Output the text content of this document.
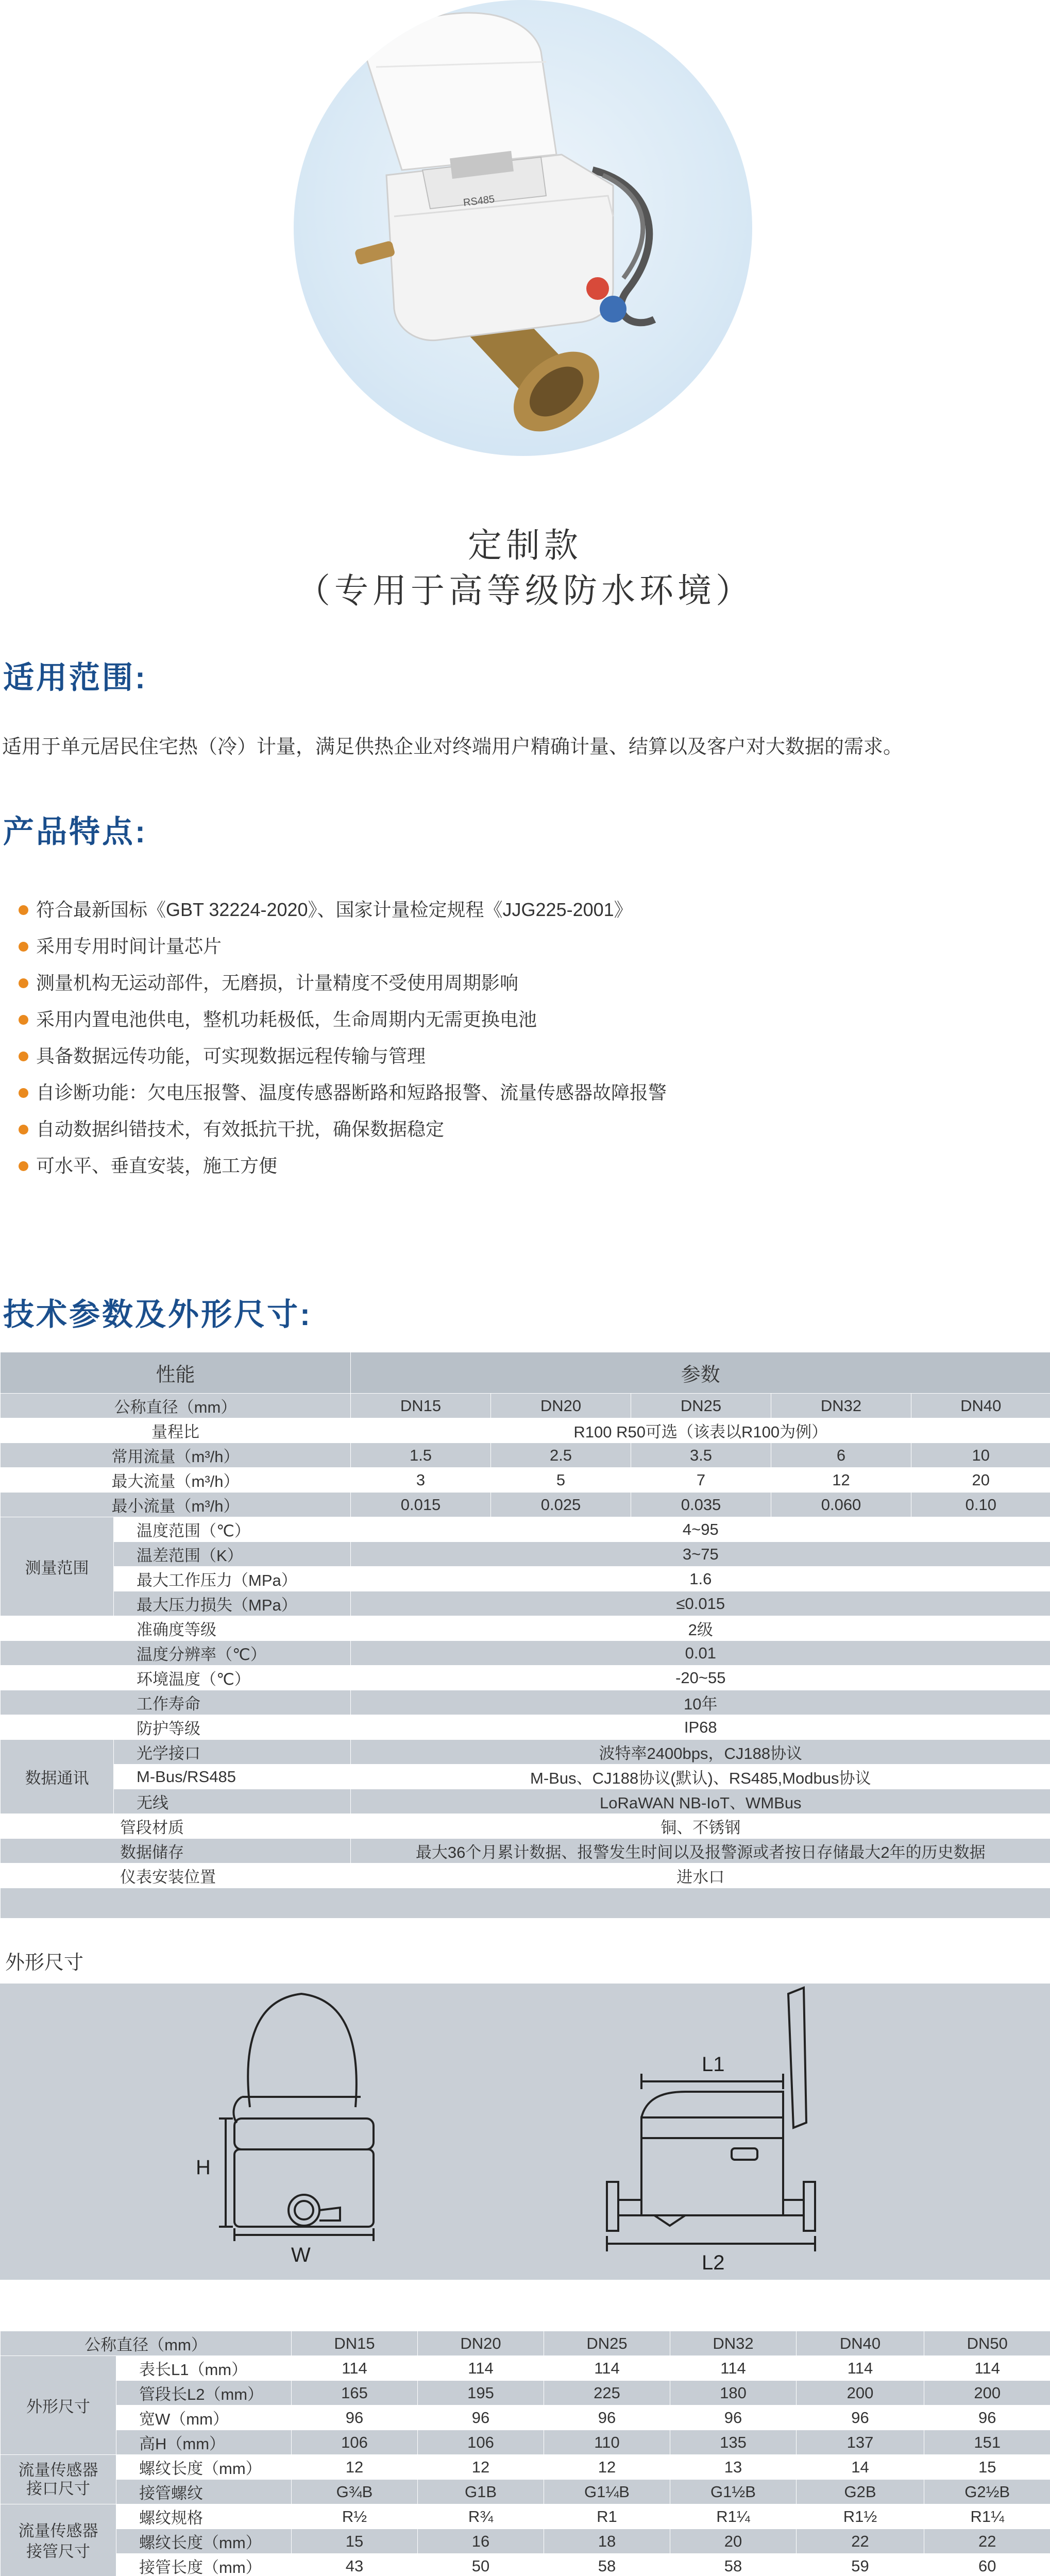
RS485
定制款
（专用于高等级防水环境）
适用范围:
适用于单元居民住宅热（冷）计量，满足供热企业对终端用户精确计量、结算以及客户对大数据的需求。
产品特点:
符合最新国标《GBT 32224-2020》、国家计量检定规程《JJG225-2001》
采用专用时间计量芯片
测量机构无运动部件，无磨损，计量精度不受使用周期影响
采用内置电池供电，整机功耗极低，生命周期内无需更换电池
具备数据远传功能，可实现数据远程传输与管理
自诊断功能：欠电压报警、温度传感器断路和短路报警、流量传感器故障报警
自动数据纠错技术，有效抵抗干扰，确保数据稳定
可水平、垂直安装，施工方便
技术参数及外形尺寸:
性能		参数				
公称直径（mm）		DN15	DN20	DN25	DN32	DN40
量程比		R100 R50可选（该表以R100为例）				
常用流量（m³/h）		1.5	2.5	3.5	6	10
最大流量（m³/h）		3	5	7	12	20
最小流量（m³/h）		0.015	0.025	0.035	0.060	0.10
测量范围	温度范围（℃）	4~95				
	温差范围（K）	3~75				
	最大工作压力（MPa）	1.6				
	最大压力损失（MPa）	≤0.015				
准确度等级		2级				
温度分辨率（℃）		0.01				
环境温度（℃）		-20~55				
工作寿命		10年				
防护等级		IP68				
数据通讯	光学接口	波特率2400bps，CJ188协议				
	M-Bus/RS485	M-Bus、CJ188协议(默认)、RS485,Modbus协议				
	无线	LoRaWAN NB-IoT、WMBus				
管段材质		铜、不锈钢				
数据储存		最大36个月累计数据、报警发生时间以及报警源或者按日存储最大2年的历史数据				
仪表安装位置		进水口				

外形尺寸
H
W
L1
L2
公称直径（mm）		DN15	DN20	DN25	DN32	DN40	DN50
外形尺寸	表长L1（mm）	114	114	114	114	114	114
	管段长L2（mm）	165	195	225	180	200	200
	宽W（mm）	96	96	96	96	96	96
	高H（mm）	106	106	110	135	137	151
流量传感器
接口尺寸	螺纹长度（mm）	12	12	12	13	14	15
	接管螺纹	G¾B	G1B	G1¼B	G1½B	G2B	G2½B
流量传感器
接管尺寸	螺纹规格	R½	R¾	R1	R1¼	R1½	R1¼
	螺纹长度（mm）	15	16	18	20	22	22
	接管长度（mm）	43	50	58	58	59	60
